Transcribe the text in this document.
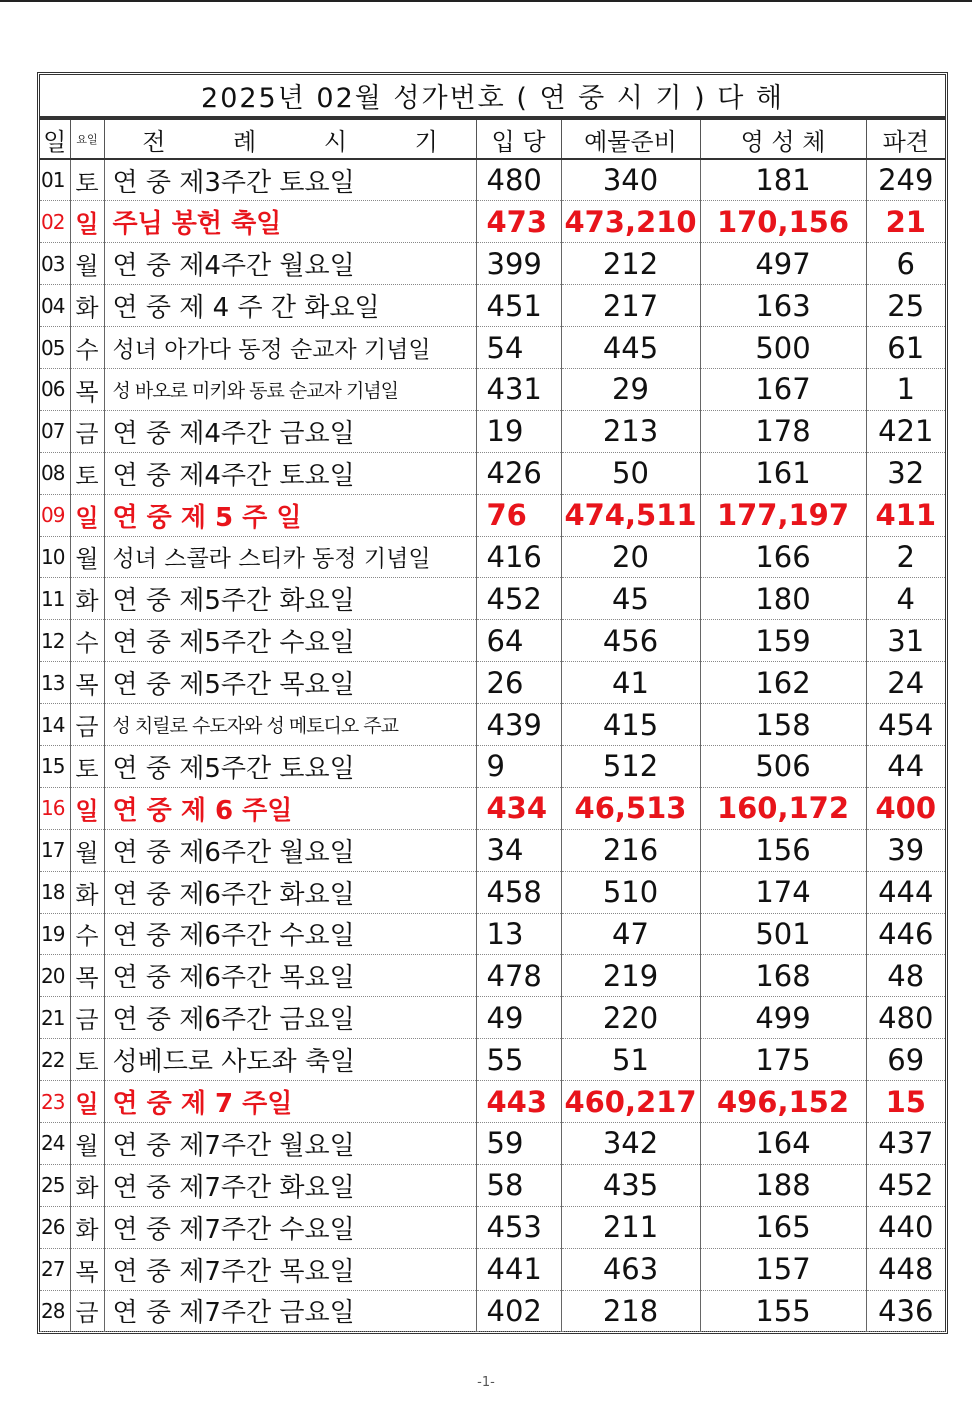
2025년 02월 성가번호 ( 연 중 시 기 ) 다 해
일	요일	전 례 시 기	입 당	예물준비	영 성 체	파견
01	토	연 중 제3주간 토요일	480	340	181	249
02	일	주님 봉헌 축일	473	473,210	170,156	21
03	월	연 중 제4주간 월요일	399	212	497	6
04	화	연 중 제 4 주 간 화요일	451	217	163	25
05	수	성녀 아가다 동정 순교자 기념일	54	445	500	61
06	목	성 바오로 미키와 동료 순교자 기념일	431	29	167	1
07	금	연 중 제4주간 금요일	19	213	178	421
08	토	연 중 제4주간 토요일	426	50	161	32
09	일	연 중 제 5 주 일	76	474,511	177,197	411
10	월	성녀 스콜라 스티카 동정 기념일	416	20	166	2
11	화	연 중 제5주간 화요일	452	45	180	4
12	수	연 중 제5주간 수요일	64	456	159	31
13	목	연 중 제5주간 목요일	26	41	162	24
14	금	성 치릴로 수도자와 성 메토디오 주교	439	415	158	454
15	토	연 중 제5주간 토요일	9	512	506	44
16	일	연 중 제 6 주일	434	46,513	160,172	400
17	월	연 중 제6주간 월요일	34	216	156	39
18	화	연 중 제6주간 화요일	458	510	174	444
19	수	연 중 제6주간 수요일	13	47	501	446
20	목	연 중 제6주간 목요일	478	219	168	48
21	금	연 중 제6주간 금요일	49	220	499	480
22	토	성베드로 사도좌 축일	55	51	175	69
23	일	연 중 제 7 주일	443	460,217	496,152	15
24	월	연 중 제7주간 월요일	59	342	164	437
25	화	연 중 제7주간 화요일	58	435	188	452
26	화	연 중 제7주간 수요일	453	211	165	440
27	목	연 중 제7주간 목요일	441	463	157	448
28	금	연 중 제7주간 금요일	402	218	155	436
-1-
